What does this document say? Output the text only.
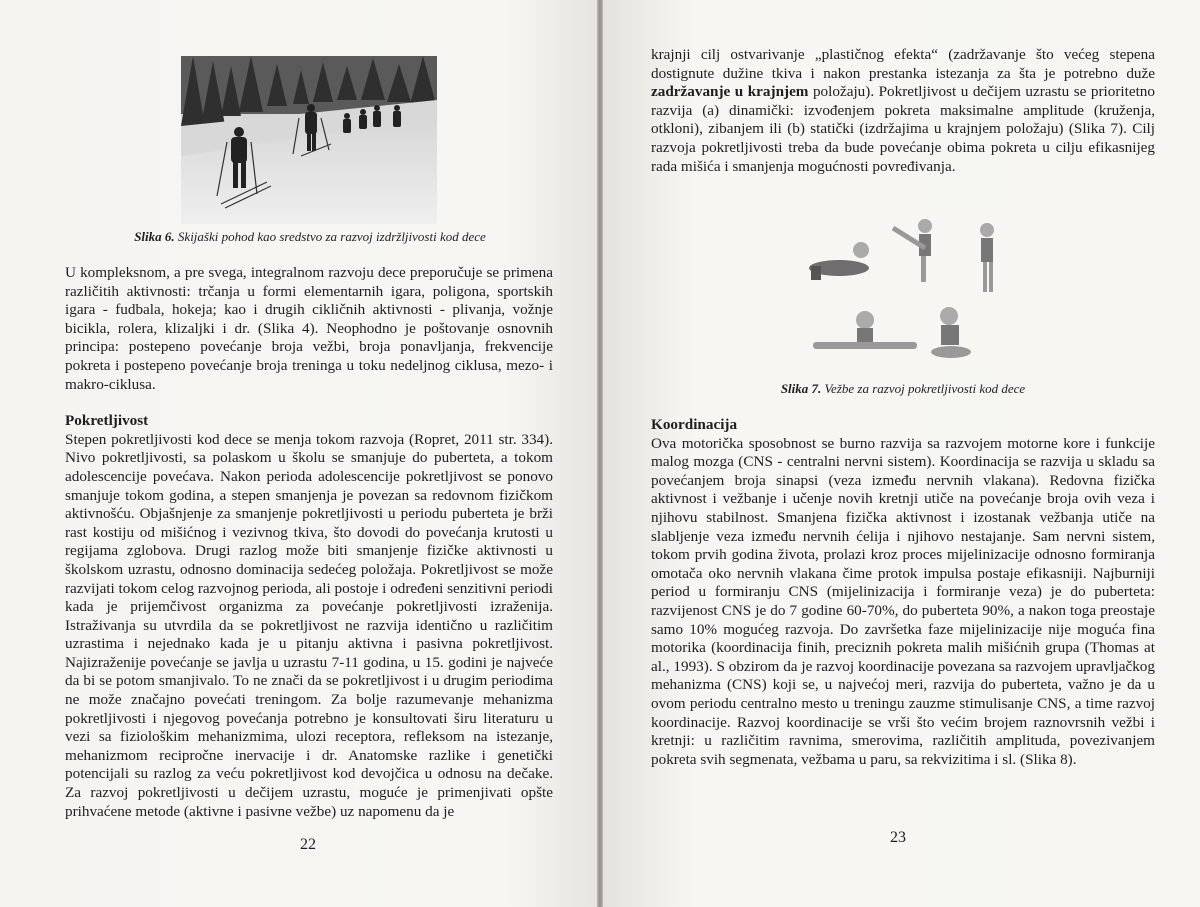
Slika 6. Skijaški pohod kao sredstvo za razvoj izdržljivosti kod dece

U kompleksnom, a pre svega, integralnom razvoju dece preporučuje se primena različitih aktivnosti: trčanja u formi elementarnih igara, poligona, sportskih igara - fudbala, hokeja; kao i drugih cikličnih aktivnosti - plivanja, vožnje bicikla, rolera, klizaljki i dr. (Slika 4). Neophodno je poštovanje osnovnih principa: postepeno povećanje broja vežbi, broja ponavljanja, frekvencije pokreta i postepeno povećanje broja treninga u toku nedeljnog ciklusa, mezo- i makro-ciklusa.

Pokretljivost

Stepen pokretljivosti kod dece se menja tokom razvoja (Ropret, 2011 str. 334). Nivo pokretljivosti, sa polaskom u školu se smanjuje do puberteta, a tokom adolescencije povećava. Nakon perioda adolescencije pokretljivost se ponovo smanjuje tokom godina, a stepen smanjenja je povezan sa redovnom fizičkom aktivnošću. Objašnjenje za smanjenje pokretljivosti u periodu puberteta je brži rast kostiju od mišićnog i vezivnog tkiva, što dovodi do povećanja krutosti u regijama zglobova. Drugi razlog može biti smanjenje fizičke aktivnosti u školskom uzrastu, odnosno dominacija sedećeg položaja. Pokretljivost se može razvijati tokom celog razvojnog perioda, ali postoje i određeni senzitivni periodi kada je prijemčivost organizma za povećanje pokretljivosti izraženija. Istraživanja su utvrdila da se pokretljivost ne razvija identično u različitim uzrastima i nejednako kada je u pitanju aktivna i pasivna pokretljivost. Najizraženije povećanje se javlja u uzrastu 7-11 godina, u 15. godini je najveće da bi se potom smanjivalo. To ne znači da se pokretljivost i u drugim periodima ne može značajno povećati treningom. Za bolje razumevanje mehanizma pokretljivosti i njegovog povećanja potrebno je konsultovati širu literaturu u vezi sa fiziološkim mehanizmima, ulozi receptora, refleksom na istezanje, mehanizmom recipročne inervacije i dr. Anatomske razlike i genetički potencijali su razlog za veću pokretljivost kod devojčica u odnosu na dečake. Za razvoj pokretljivosti u dečijem uzrastu, moguće je primenjivati opšte prihvaćene metode (aktivne i pasivne vežbe) uz napomenu da je

22

krajnji cilj ostvarivanje „plastičnog efekta“ (zadržavanje što većeg stepena dostignute dužine tkiva i nakon prestanka istezanja za šta je potrebno duže zadržavanje u krajnjem položaju). Pokretljivost u dečijem uzrastu se prioritetno razvija (a) dinamički: izvođenjem pokreta maksimalne amplitude (kruženja, otkloni), zibanjem ili (b) statički (izdržajima u krajnjem položaju) (Slika 7). Cilj razvoja pokretljivosti treba da bude povećanje obima pokreta u cilju efikasnijeg rada mišića i smanjenja mogućnosti povređivanja.

Slika 7. Vežbe za razvoj pokretljivosti kod dece

Koordinacija

Ova motorička sposobnost se burno razvija sa razvojem motorne kore i funkcije malog mozga (CNS - centralni nervni sistem). Koordinacija se razvija u skladu sa povećanjem broja sinapsi (veza između nervnih vlakana). Redovna fizička aktivnost i vežbanje i učenje novih kretnji utiče na povećanje broja ovih veza i njihovu stabilnost. Smanjena fizička aktivnost i izostanak vežbanja utiče na slabljenje veza između nervnih ćelija i njihovo nestajanje. Sam nervni sistem, tokom prvih godina života, prolazi kroz proces mijelinizacije odnosno formiranja omotača oko nervnih vlakana čime protok impulsa postaje efikasniji. Najburniji period u formiranju CNS (mijelinizacija i formiranje veza) je do puberteta: razvijenost CNS je do 7 godine 60-70%, do puberteta 90%, a nakon toga preostaje samo 10% mogućeg razvoja. Do završetka faze mijelinizacije nije moguća fina motorika (koordinacija finih, preciznih pokreta malih mišićnih grupa (Thomas at al., 1993). S obzirom da je razvoj koordinacije povezana sa razvojem upravljačkog mehanizma (CNS) koji se, u najvećoj meri, razvija do puberteta, važno je da u ovom periodu centralno mesto u treningu zauzme stimulisanje CNS, a time razvoj koordinacije. Razvoj koordinacije se vrši što većim brojem raznovrsnih vežbi i kretnji: u različitim ravnima, smerovima, različitih amplituda, povezivanjem pokreta svih segmenata, vežbama u paru, sa rekvizitima i sl. (Slika 8).

23
